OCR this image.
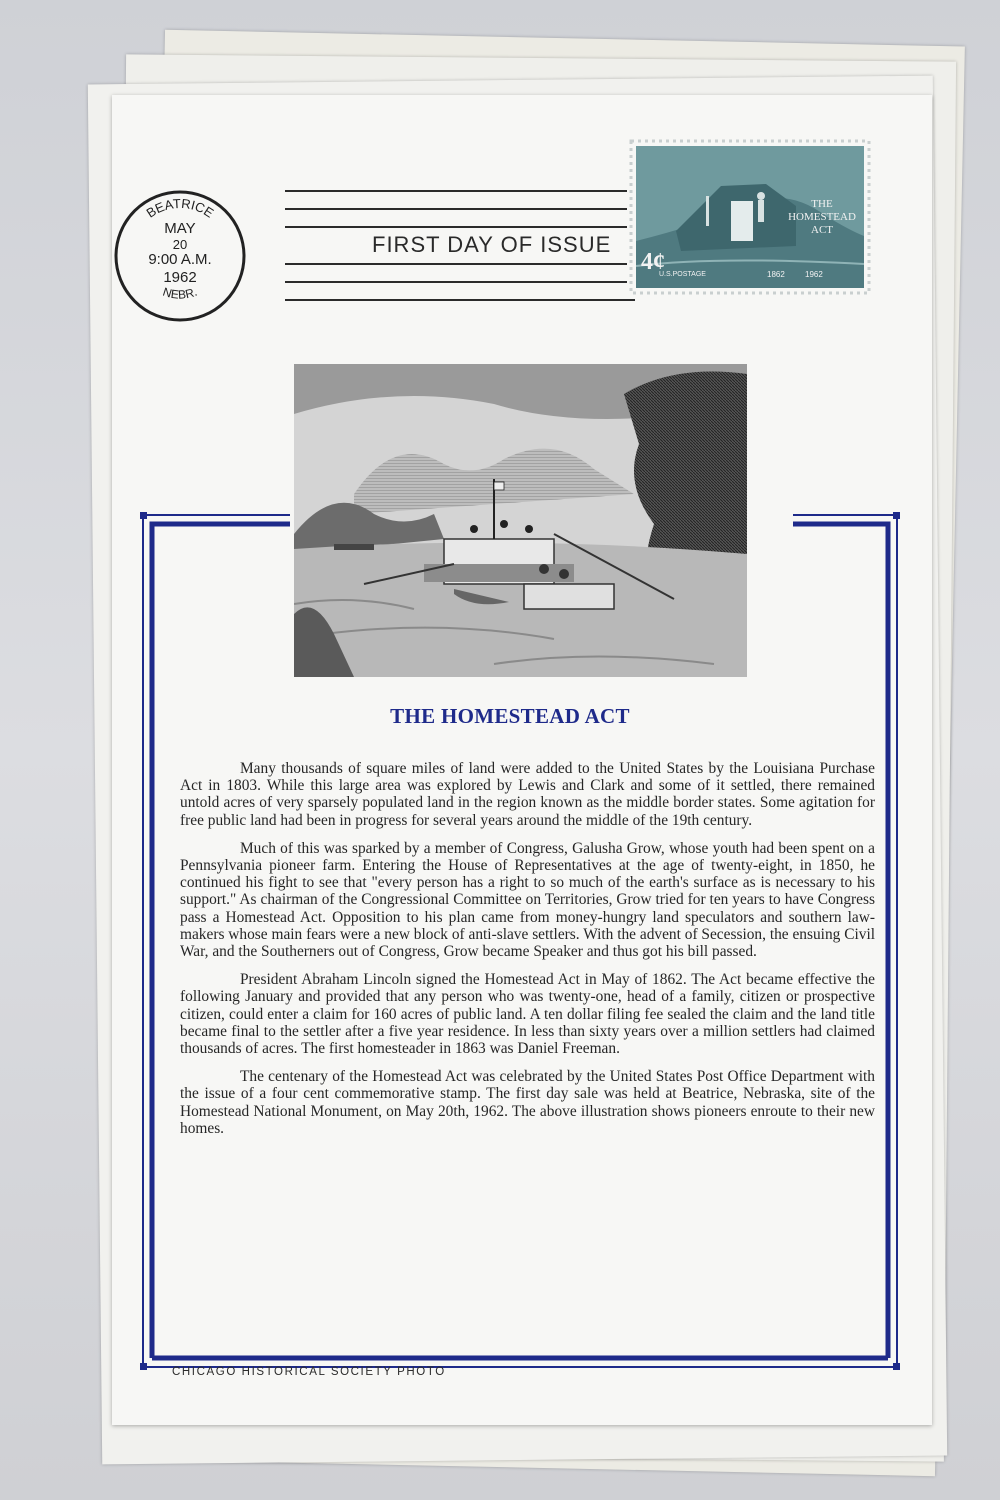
FIRST DAY OF ISSUE
BEATRICE
NEBR.
MAY
20
9:00 A.M.
1962
THE
HOMESTEAD
ACT
4¢
U.S.POSTAGE	1862 1962
THE HOMESTEAD ACT

Many thousands of square miles of land were added to the United States by the Louisiana Purchase Act in 1803. While this large area was explored by Lewis and Clark and some of it settled, there remained untold acres of very sparsely populated land in the region known as the middle border states. Some agitation for free public land had been in progress for several years around the middle of the 19th century.

Much of this was sparked by a member of Congress, Galusha Grow, whose youth had been spent on a Pennsylvania pioneer farm. Entering the House of Representatives at the age of twenty-eight, in 1850, he continued his fight to see that "every person has a right to so much of the earth's surface as is necessary to his support." As chairman of the Congressional Committee on Territories, Grow tried for ten years to have Congress pass a Homestead Act. Opposition to his plan came from money-hungry land speculators and southern law-makers whose main fears were a new block of anti-slave settlers. With the advent of Secession, the ensuing Civil War, and the Southerners out of Congress, Grow became Speaker and thus got his bill passed.

President Abraham Lincoln signed the Homestead Act in May of 1862. The Act became effective the following January and provided that any person who was twenty-one, head of a family, citizen or prospective citizen, could enter a claim for 160 acres of public land. A ten dollar filing fee sealed the claim and the land title became final to the settler after a five year residence. In less than sixty years over a million settlers had claimed thousands of acres. The first homesteader in 1863 was Daniel Freeman.

The centenary of the Homestead Act was celebrated by the United States Post Office Department with the issue of a four cent commemorative stamp. The first day sale was held at Beatrice, Nebraska, site of the Homestead National Monument, on May 20th, 1962. The above illustration shows pioneers enroute to their new homes.

CHICAGO HISTORICAL SOCIETY PHOTO
